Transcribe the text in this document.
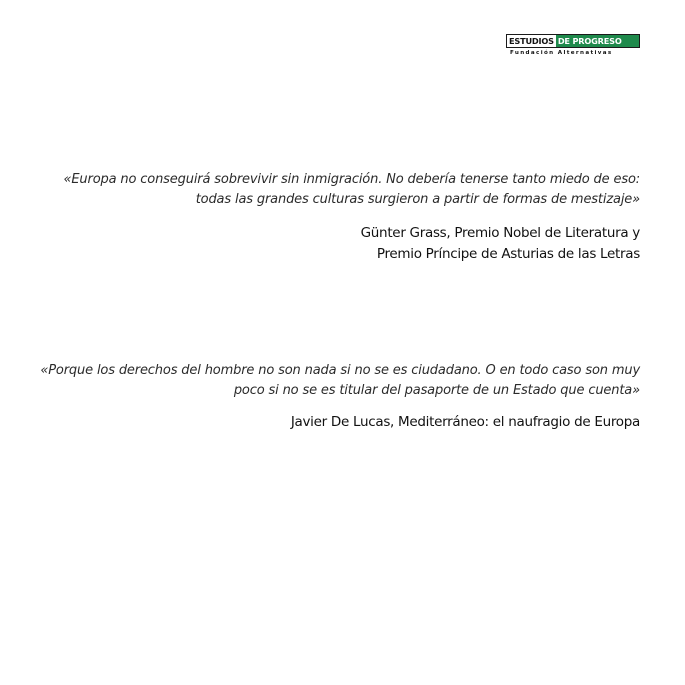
ESTUDIOS DE PROGRESO
Fundación Alternativas

«Europa no conseguirá sobrevivir sin inmigración. No debería tenerse tanto miedo de eso:
todas las grandes culturas surgieron a partir de formas de mestizaje»

Günter Grass, Premio Nobel de Literatura y
Premio Príncipe de Asturias de las Letras

«Porque los derechos del hombre no son nada si no se es ciudadano. O en todo caso son muy
poco si no se es titular del pasaporte de un Estado que cuenta»

Javier De Lucas, Mediterráneo: el naufragio de Europa
